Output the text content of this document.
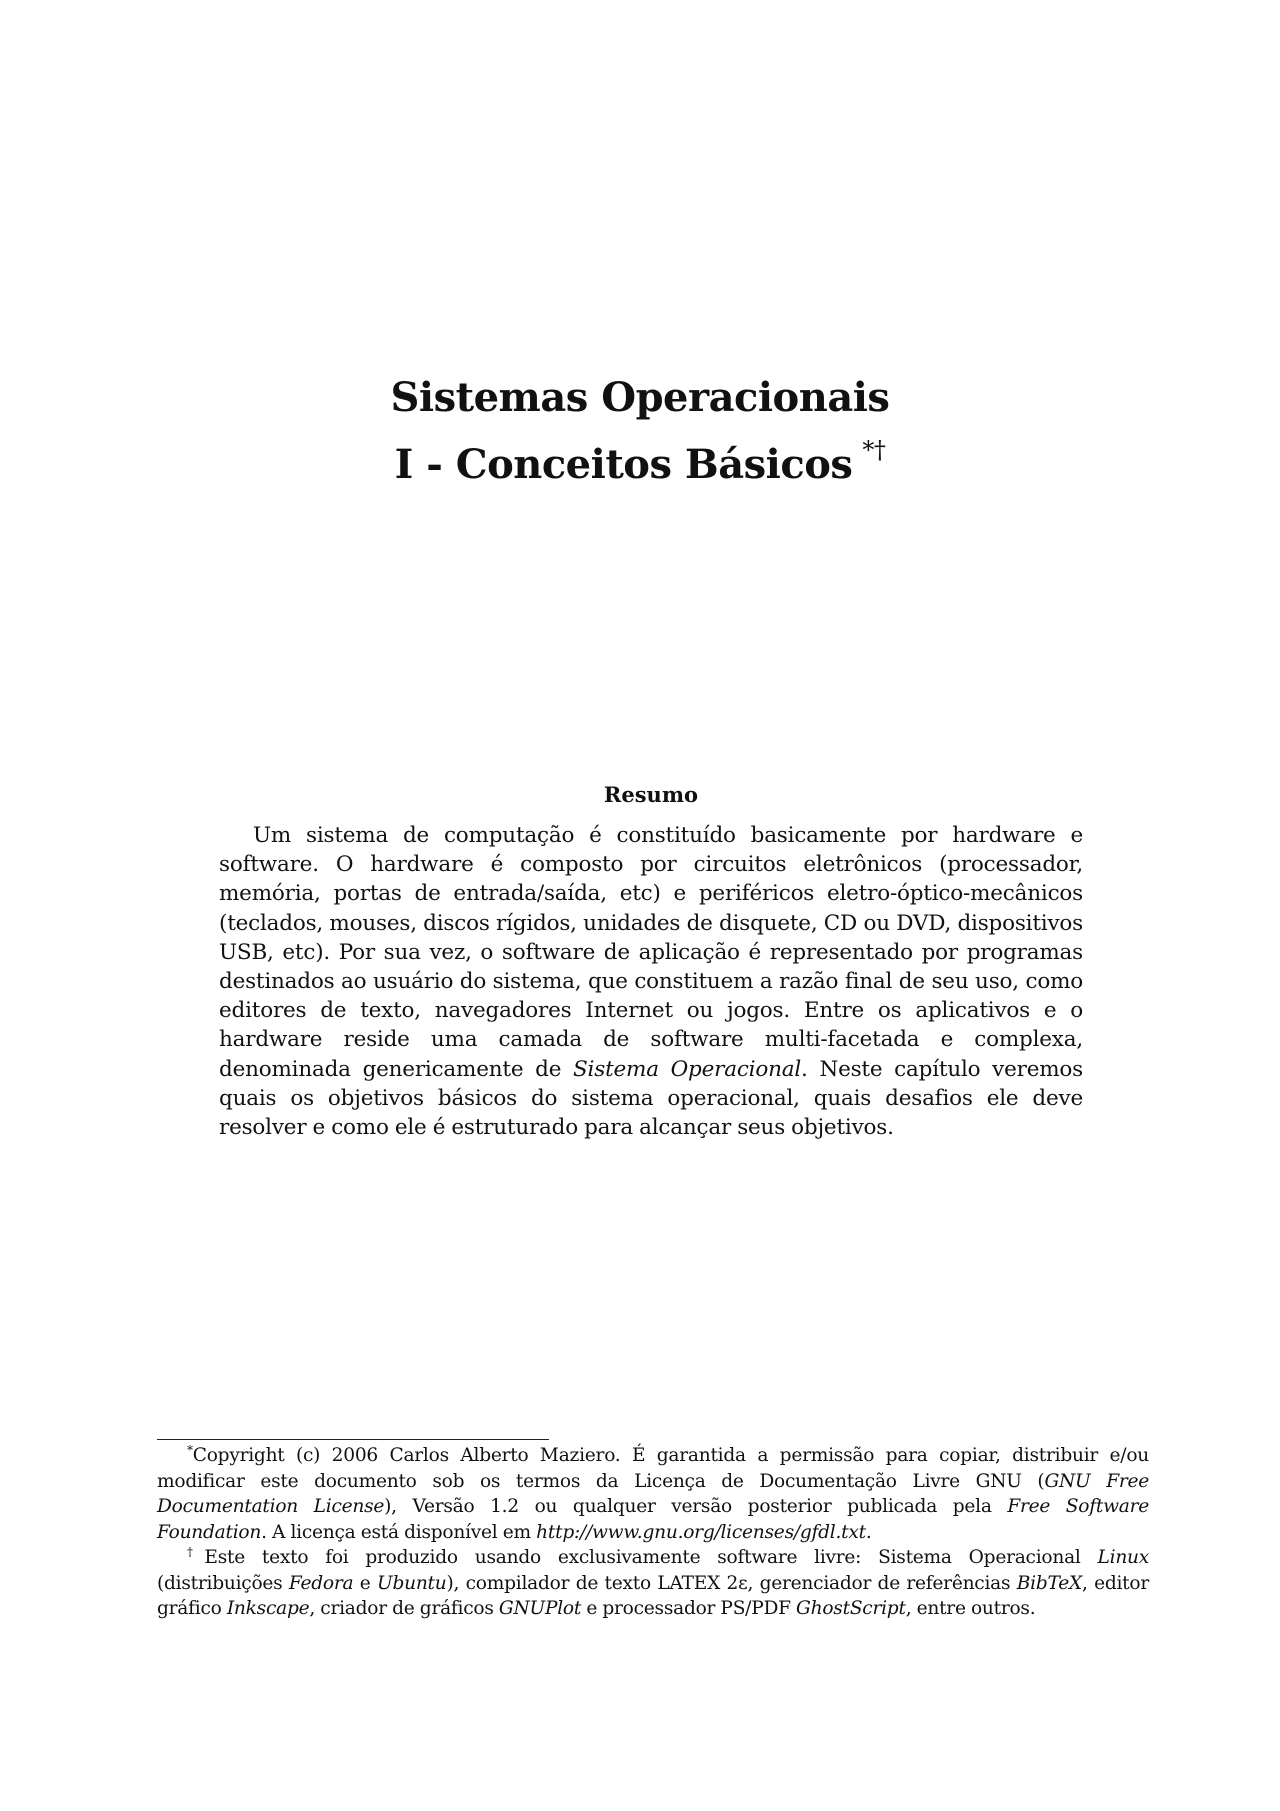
Sistemas Operacionais
I - Conceitos Básicos *†
Resumo

Um sistema de computação é constituído basicamente por hardware e software. O hardware é composto por circuitos eletrônicos (processador, memória, portas de entrada/saída, etc) e periféricos eletro-óptico-mecânicos (teclados, mouses, discos rígidos, unidades de disquete, CD ou DVD, dispositivos USB, etc). Por sua vez, o software de aplicação é representado por programas destinados ao usuário do sistema, que constituem a razão final de seu uso, como editores de texto, navegadores Internet ou jogos. Entre os aplicativos e o hardware reside uma camada de software multi-facetada e complexa, denominada genericamente de Sistema Operacional. Neste capítulo veremos quais os objetivos básicos do sistema operacional, quais desafios ele deve resolver e como ele é estruturado para alcançar seus objetivos.

*Copyright (c) 2006 Carlos Alberto Maziero. É garantida a permissão para copiar, distribuir e/ou modificar este documento sob os termos da Licença de Documentação Livre GNU (GNU Free Documentation License), Versão 1.2 ou qualquer versão posterior publicada pela Free Software Foundation. A licença está disponível em http://www.gnu.org/licenses/gfdl.txt.

†Este texto foi produzido usando exclusivamente software livre: Sistema Operacional Linux (distribuições Fedora e Ubuntu), compilador de texto LATEX 2ε, gerenciador de referências BibTeX, editor gráfico Inkscape, criador de gráficos GNUPlot e processador PS/PDF GhostScript, entre outros.
